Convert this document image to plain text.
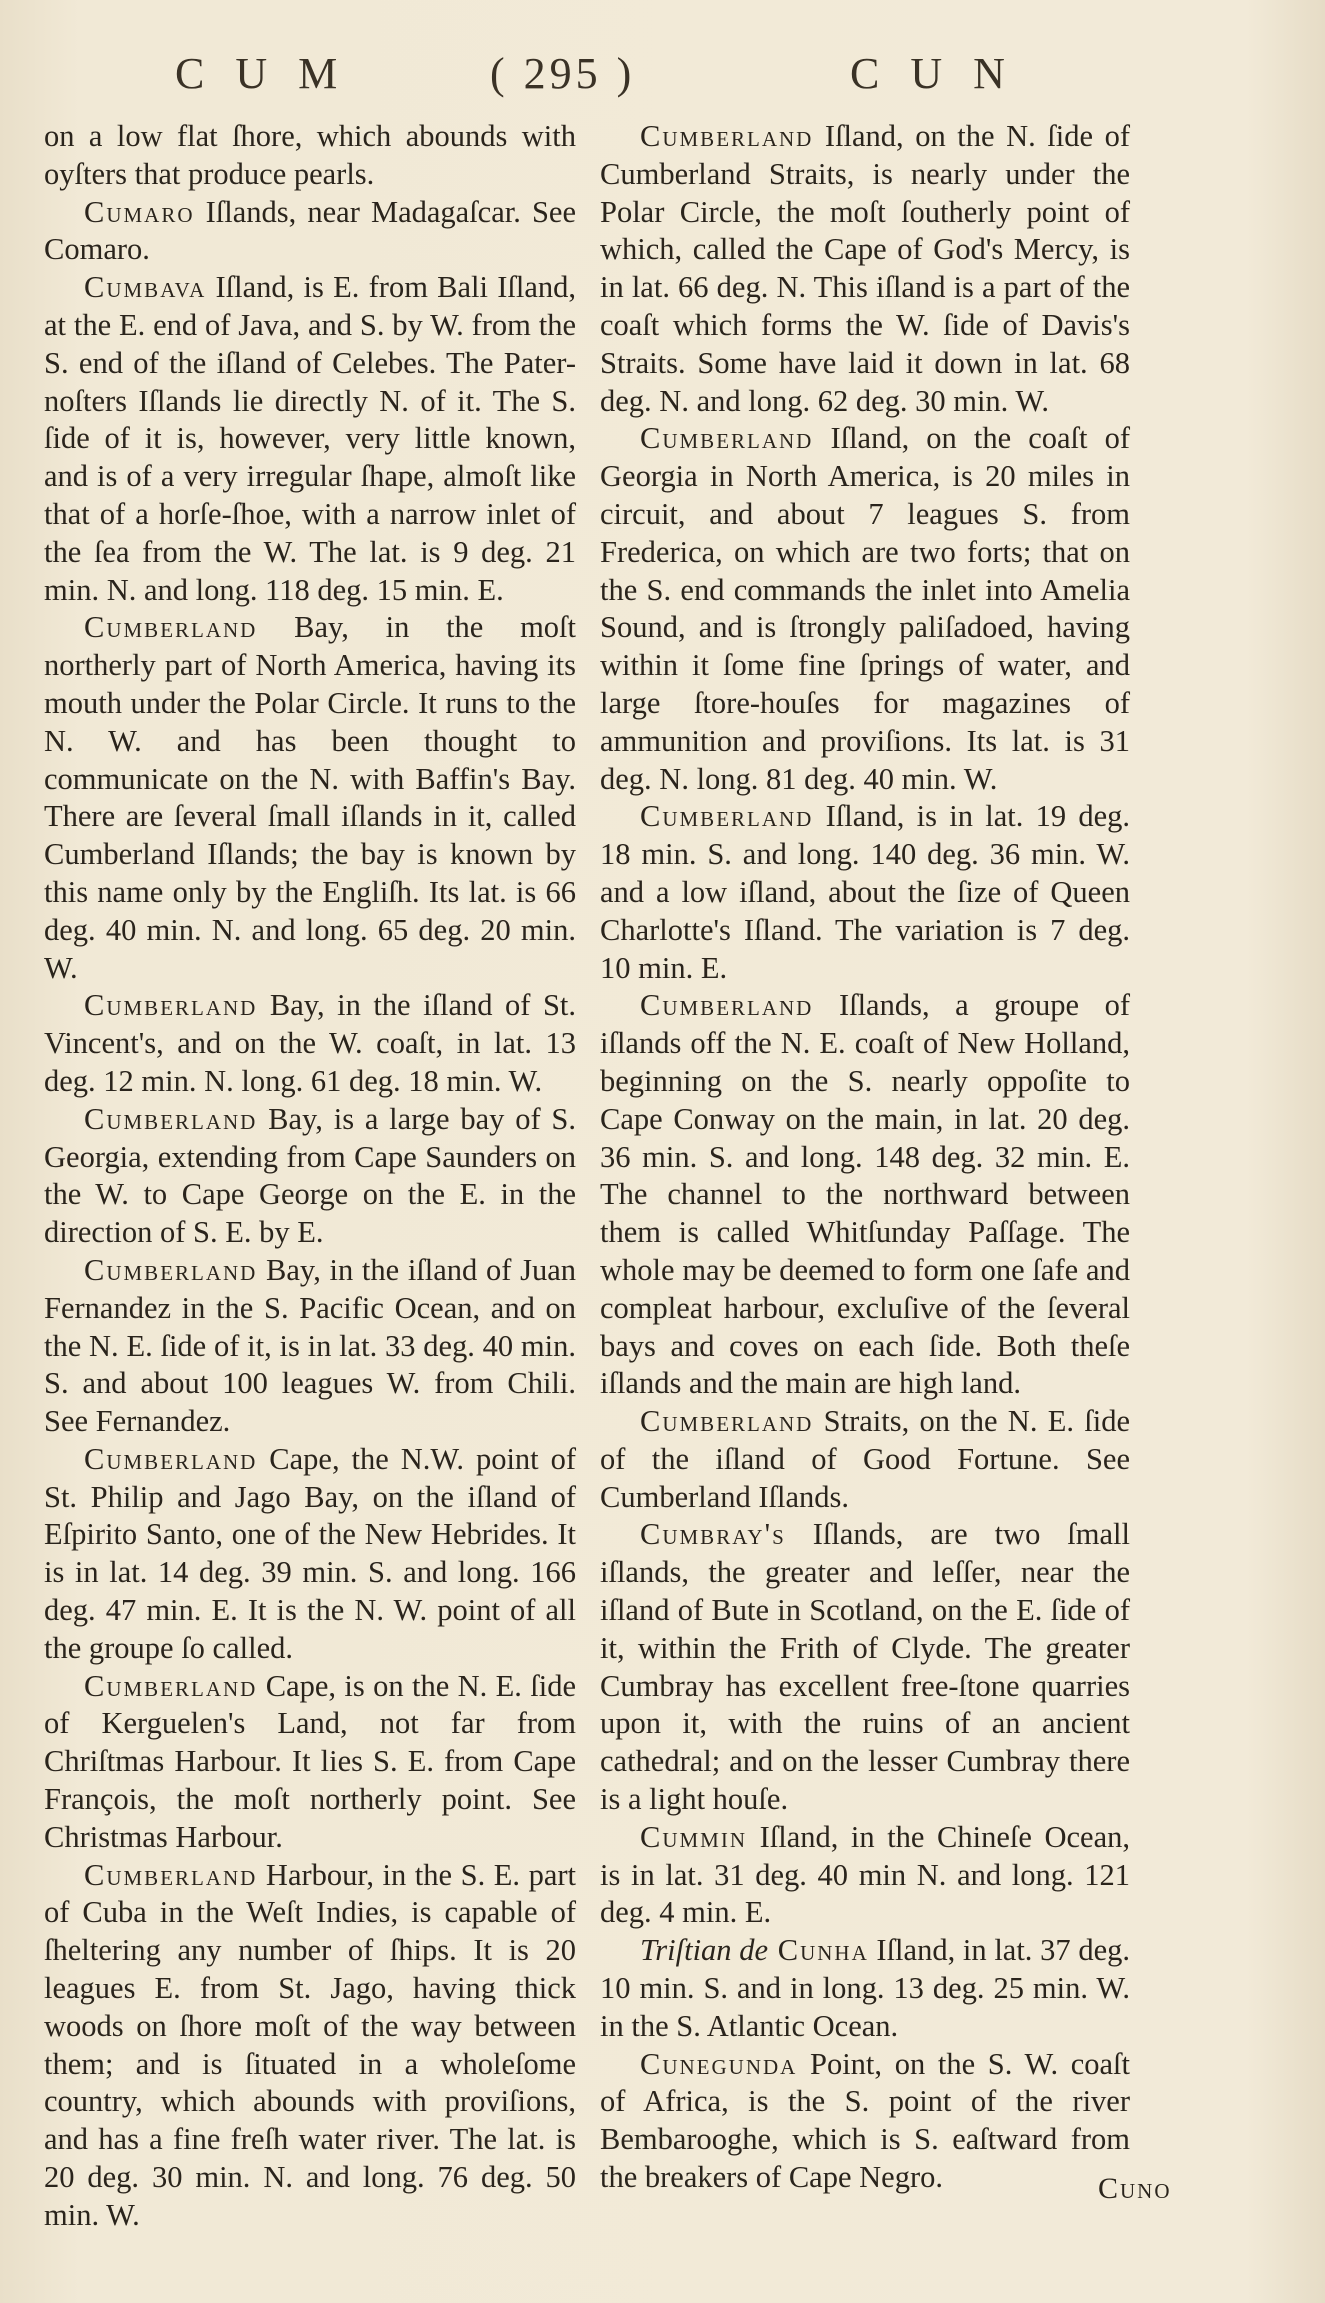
C U M	( 295 )	C U N

on a low flat ſhore, which abounds with oyſters that produce pearls.

Cumaro Iſlands, near Madagaſcar. See Comaro.

Cumbava Iſland, is E. from Bali Iſland, at the E. end of Java, and S. by W. from the S. end of the iſland of Celebes. The Pater-noſters Iſlands lie directly N. of it. The S. ſide of it is, however, very little known, and is of a very irregular ſhape, almoſt like that of a horſe-ſhoe, with a narrow inlet of the ſea from the W. The lat. is 9 deg. 21 min. N. and long. 118 deg. 15 min. E.

Cumberland Bay, in the moſt northerly part of North America, having its mouth under the Polar Circle. It runs to the N. W. and has been thought to communicate on the N. with Baffin's Bay. There are ſeveral ſmall iſlands in it, called Cumberland Iſlands; the bay is known by this name only by the Engliſh. Its lat. is 66 deg. 40 min. N. and long. 65 deg. 20 min. W.

Cumberland Bay, in the iſland of St. Vincent's, and on the W. coaſt, in lat. 13 deg. 12 min. N. long. 61 deg. 18 min. W.

Cumberland Bay, is a large bay of S. Georgia, extending from Cape Saunders on the W. to Cape George on the E. in the direction of S. E. by E.

Cumberland Bay, in the iſland of Juan Fernandez in the S. Pacific Ocean, and on the N. E. ſide of it, is in lat. 33 deg. 40 min. S. and about 100 leagues W. from Chili. See Fernandez.

Cumberland Cape, the N.W. point of St. Philip and Jago Bay, on the iſland of Eſpirito Santo, one of the New Hebrides. It is in lat. 14 deg. 39 min. S. and long. 166 deg. 47 min. E. It is the N. W. point of all the groupe ſo called.

Cumberland Cape, is on the N. E. ſide of Kerguelen's Land, not far from Chriſtmas Harbour. It lies S. E. from Cape François, the moſt northerly point. See Christmas Harbour.

Cumberland Harbour, in the S. E. part of Cuba in the Weſt Indies, is capable of ſheltering any number of ſhips. It is 20 leagues E. from St. Jago, having thick woods on ſhore moſt of the way between them; and is ſituated in a wholeſome country, which abounds with proviſions, and has a fine freſh water river. The lat. is 20 deg. 30 min. N. and long. 76 deg. 50 min. W.

Cumberland Iſland, on the N. ſide of Cumberland Straits, is nearly under the Polar Circle, the moſt ſoutherly point of which, called the Cape of God's Mercy, is in lat. 66 deg. N. This iſland is a part of the coaſt which forms the W. ſide of Davis's Straits. Some have laid it down in lat. 68 deg. N. and long. 62 deg. 30 min. W.

Cumberland Iſland, on the coaſt of Georgia in North America, is 20 miles in circuit, and about 7 leagues S. from Frederica, on which are two forts; that on the S. end commands the inlet into Amelia Sound, and is ſtrongly paliſadoed, having within it ſome fine ſprings of water, and large ſtore-houſes for magazines of ammunition and proviſions. Its lat. is 31 deg. N. long. 81 deg. 40 min. W.

Cumberland Iſland, is in lat. 19 deg. 18 min. S. and long. 140 deg. 36 min. W. and a low iſland, about the ſize of Queen Charlotte's Iſland. The variation is 7 deg. 10 min. E.

Cumberland Iſlands, a groupe of iſlands off the N. E. coaſt of New Holland, beginning on the S. nearly oppoſite to Cape Conway on the main, in lat. 20 deg. 36 min. S. and long. 148 deg. 32 min. E. The channel to the northward between them is called Whitſunday Paſſage. The whole may be deemed to form one ſafe and compleat harbour, excluſive of the ſeveral bays and coves on each ſide. Both theſe iſlands and the main are high land.

Cumberland Straits, on the N. E. ſide of the iſland of Good Fortune. See Cumberland Iſlands.

Cumbray's Iſlands, are two ſmall iſlands, the greater and leſſer, near the iſland of Bute in Scotland, on the E. ſide of it, within the Frith of Clyde. The greater Cumbray has excellent free-ſtone quarries upon it, with the ruins of an ancient cathedral; and on the lesser Cumbray there is a light houſe.

Cummin Iſland, in the Chineſe Ocean, is in lat. 31 deg. 40 min N. and long. 121 deg. 4 min. E.

Triſtian de Cunha Iſland, in lat. 37 deg. 10 min. S. and in long. 13 deg. 25 min. W. in the S. Atlantic Ocean.

Cunegunda Point, on the S. W. coaſt of Africa, is the S. point of the river Bembarooghe, which is S. eaſtward from the breakers of Cape Negro.	Cuno
